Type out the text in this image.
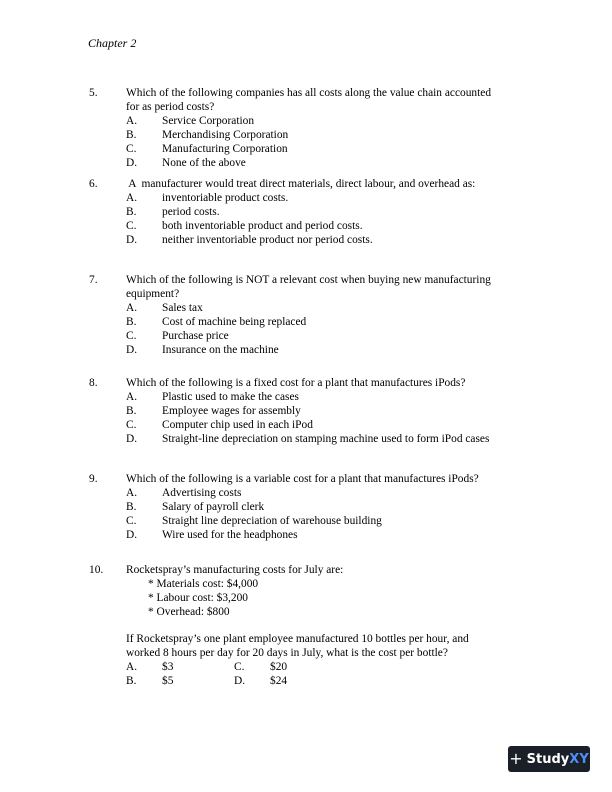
Chapter 2
5. Which of the following companies has all costs along the value chain accounted
for as period costs?
A. Service Corporation
B. Merchandising Corporation
C. Manufacturing Corporation
D. None of the above
6. A  manufacturer would treat direct materials, direct labour, and overhead as:
A. inventoriable product costs.
B. period costs.
C. both inventoriable product and period costs.
D. neither inventoriable product nor period costs.
7. Which of the following is NOT a relevant cost when buying new manufacturing
equipment?
A. Sales tax
B. Cost of machine being replaced
C. Purchase price
D. Insurance on the machine
8. Which of the following is a fixed cost for a plant that manufactures iPods?
A. Plastic used to make the cases
B. Employee wages for assembly
C. Computer chip used in each iPod
D. Straight-line depreciation on stamping machine used to form iPod cases
9. Which of the following is a variable cost for a plant that manufactures iPods?
A. Advertising costs
B. Salary of payroll clerk
C. Straight line depreciation of warehouse building
D. Wire used for the headphones
10. Rocketspray’s manufacturing costs for July are:
* Materials cost: $4,000
* Labour cost: $3,200
* Overhead: $800
If Rocketspray’s one plant employee manufactured 10 bottles per hour, and
worked 8 hours per day for 20 days in July, what is the cost per bottle?
A. $3	C. $20
B. $5	D. $24
+ Study XY
